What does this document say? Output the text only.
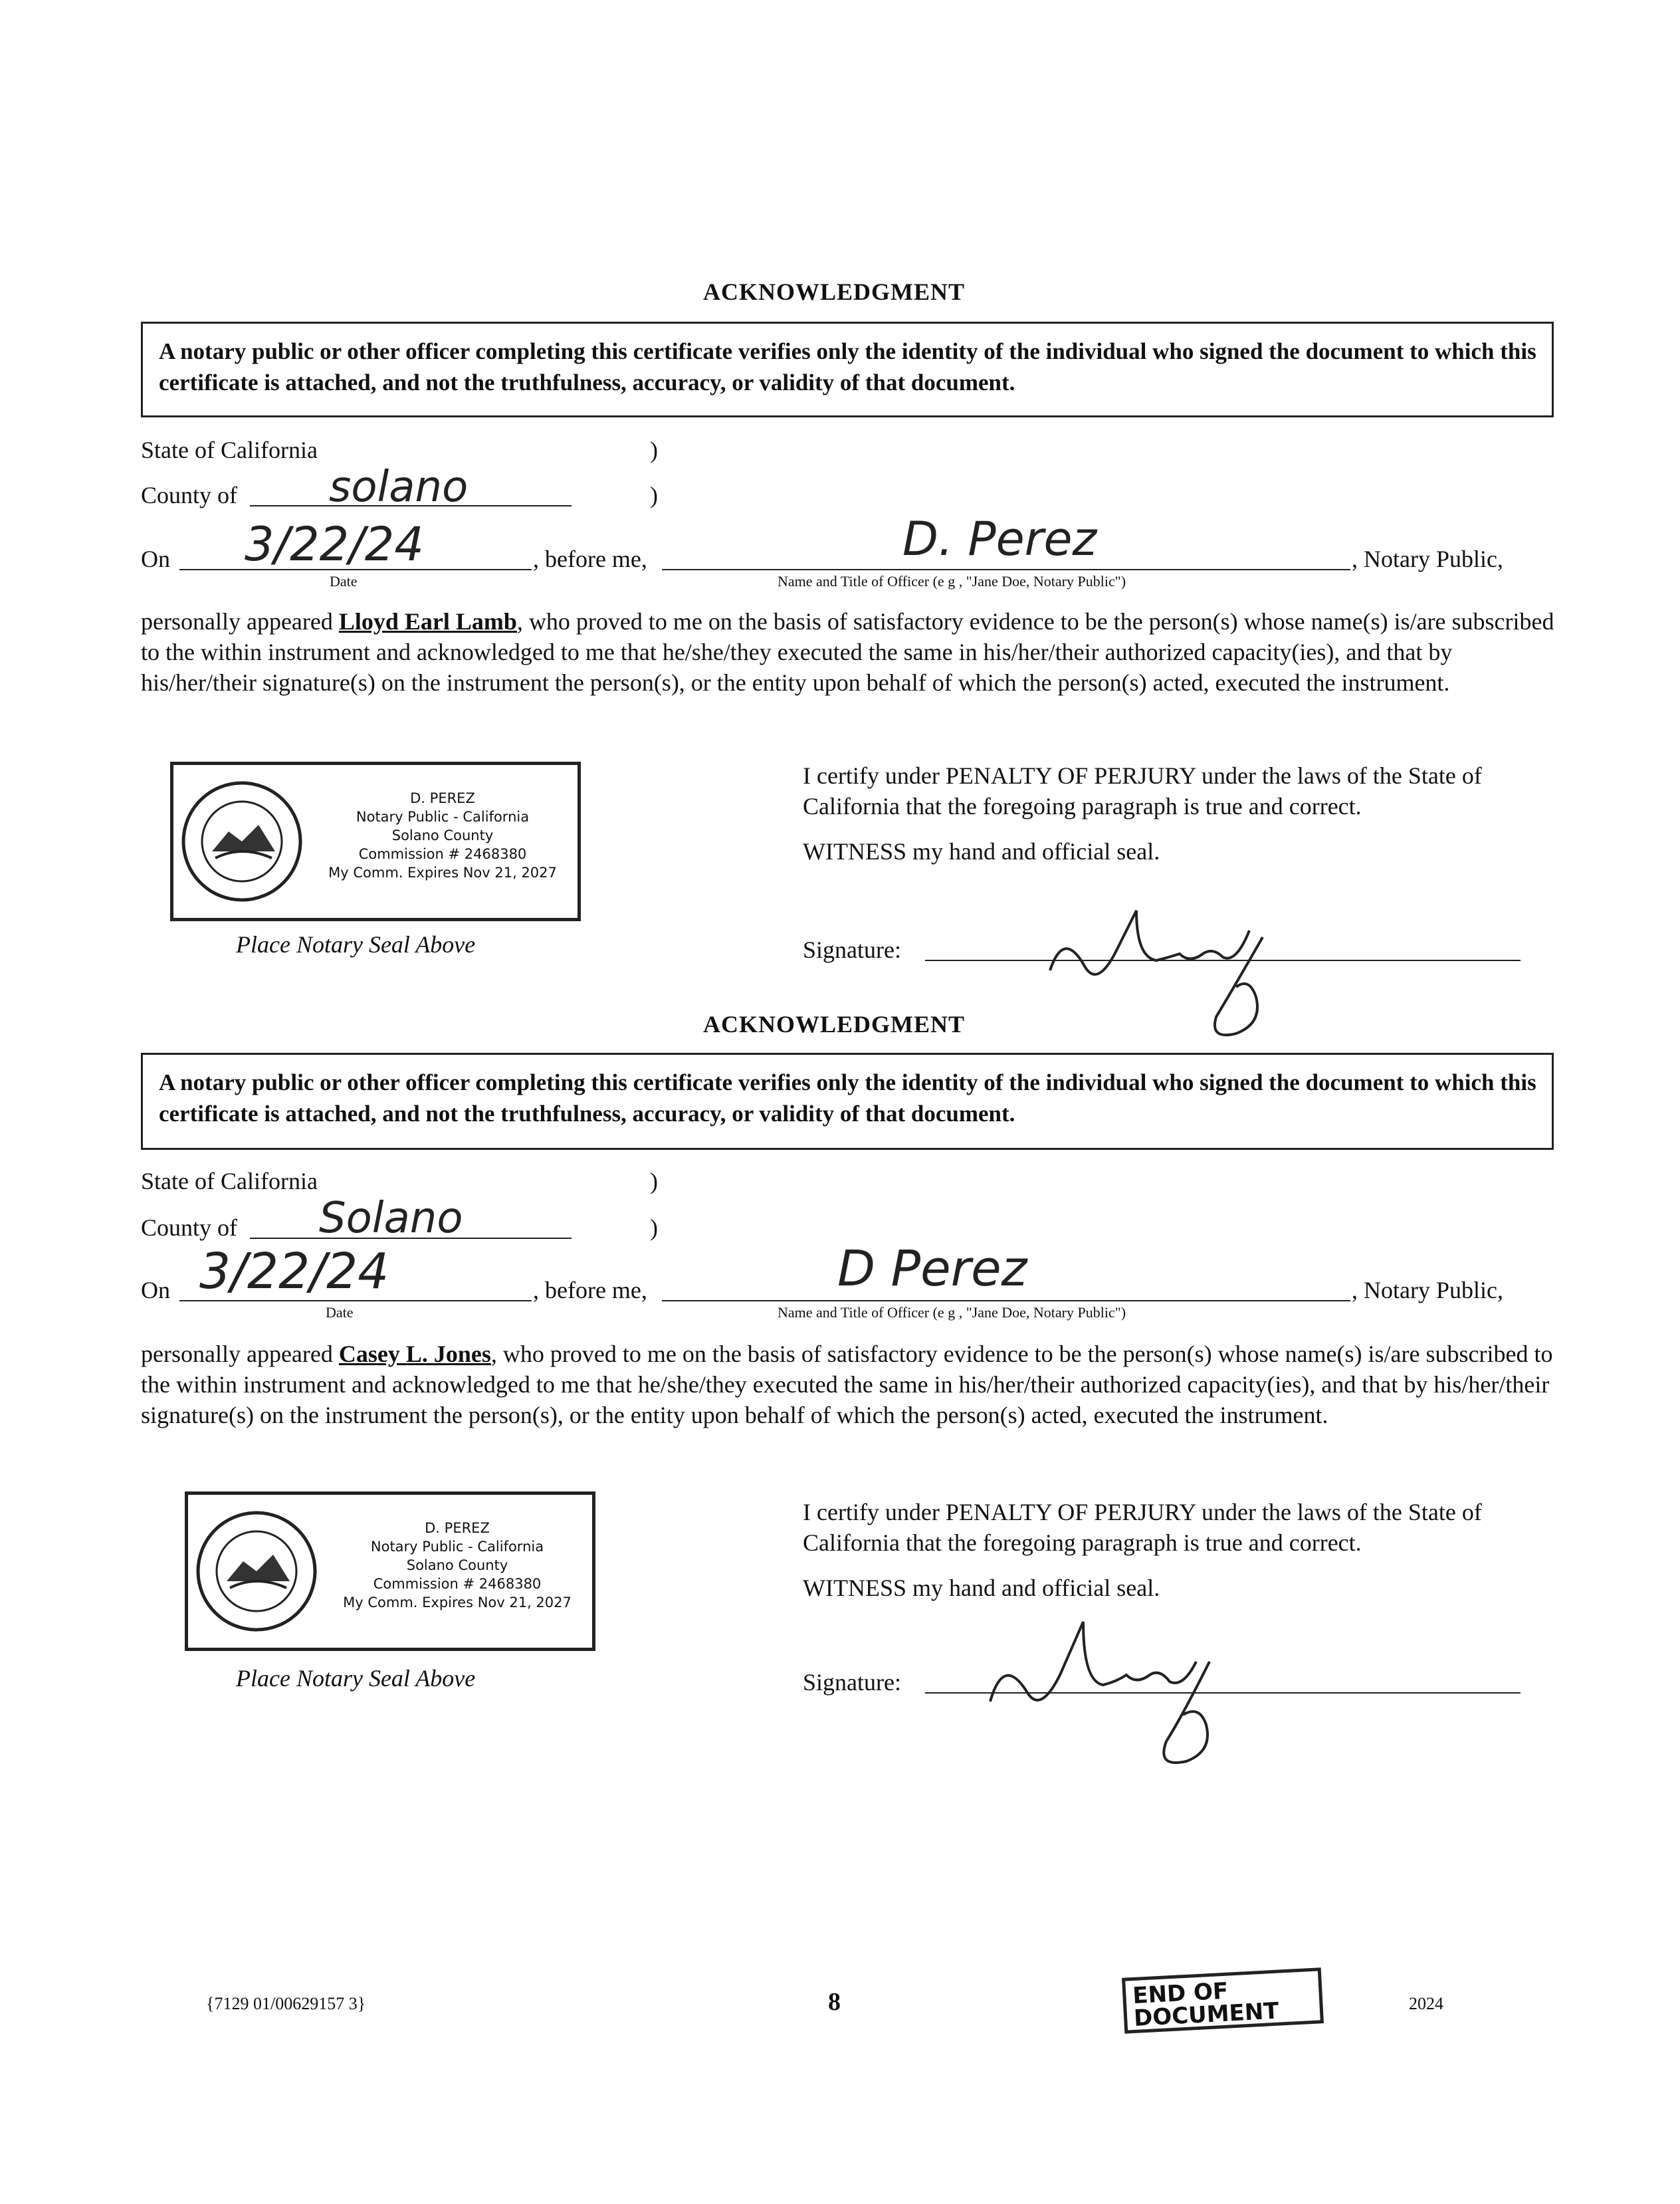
ACKNOWLEDGMENT
A notary public or other officer completing this certificate verifies only the identity of the individual who signed the document to which this certificate is attached, and not the truthfulness, accuracy, or validity of that document.
State of California	)
County of solano	)
On 3/22/24
Date
, before me,	D. Perez
Name and Title of Officer (e g , "Jane Doe, Notary Public")
, Notary Public,
personally appeared Lloyd Earl Lamb, who proved to me on the basis of satisfactory evidence to be the person(s) whose name(s) is/are subscribed to the within instrument and acknowledged to me that he/she/they executed the same in his/her/their authorized capacity(ies), and that by his/her/their signature(s) on the instrument the person(s), or the entity upon behalf of which the person(s) acted, executed the instrument.
D. PEREZ
Notary Public - California
Solano County
Commission # 2468380
My Comm. Expires Nov 21, 2027
Place Notary Seal Above
I certify under PENALTY OF PERJURY under the laws of the State of California that the foregoing paragraph is true and correct.
WITNESS my hand and official seal.
Signature:
ACKNOWLEDGMENT
A notary public or other officer completing this certificate verifies only the identity of the individual who signed the document to which this certificate is attached, and not the truthfulness, accuracy, or validity of that document.
State of California	)
County of Solano	)
On 3/22/24
Date
, before me,	D Perez
Name and Title of Officer (e g , "Jane Doe, Notary Public")
, Notary Public,
personally appeared Casey L. Jones, who proved to me on the basis of satisfactory evidence to be the person(s) whose name(s) is/are subscribed to the within instrument and acknowledged to me that he/she/they executed the same in his/her/their authorized capacity(ies), and that by his/her/their signature(s) on the instrument the person(s), or the entity upon behalf of which the person(s) acted, executed the instrument.
D. PEREZ
Notary Public - California
Solano County
Commission # 2468380
My Comm. Expires Nov 21, 2027
Place Notary Seal Above
I certify under PENALTY OF PERJURY under the laws of the State of California that the foregoing paragraph is true and correct.
WITNESS my hand and official seal.
Signature:
{7129 01/00629157 3}	8	END OF DOCUMENT	2024
